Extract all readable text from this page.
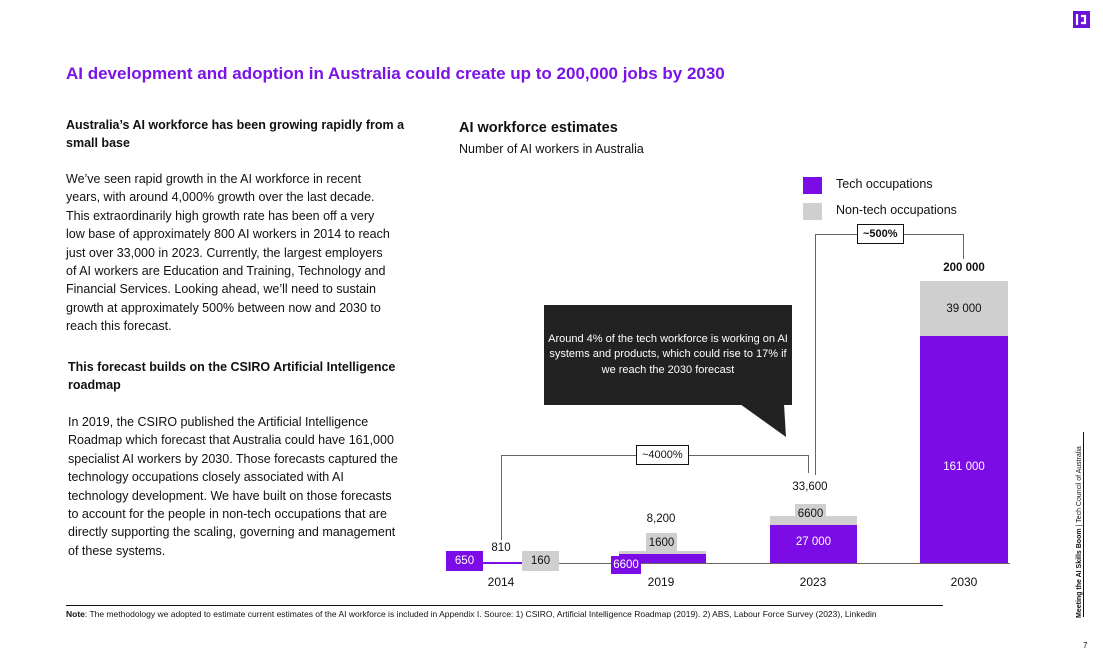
AI development and adoption in Australia could create up to 200,000 jobs by 2030
Australia’s AI workforce has been growing rapidly from a small base
We’ve seen rapid growth in the AI workforce in recent years, with around 4,000% growth over the last decade. This extraordinarily high growth rate has been off a very low base of approximately 800 AI workers in 2014 to reach just over 33,000 in 2023. Currently, the largest employers of AI workers are Education and Training, Technology and Financial Services. Looking ahead, we’ll need to sustain growth at approximately 500% between now and 2030 to reach this forecast.
This forecast builds on the CSIRO Artificial Intelligence roadmap
In 2019, the CSIRO published the Artificial Intelligence Roadmap which forecast that Australia could have 161,000 specialist AI workers by 2030. Those forecasts captured the technology occupations closely associated with AI technology development. We have built on those forecasts to account for the people in non-tech occupations that are directly supporting the scaling, governing and management of these systems.
AI workforce estimates
Number of AI workers in Australia
Tech occupations
Non-tech occupations
~4000%
~500%
Around 4% of the tech workforce is working on AI systems and products, which could rise to 17% if we reach the 2030 forecast
650	160
810
6600
1600
8,200	6600
27 000
33,600
39 000
161 000
200 000
2014	2019	2023	2030
Note: The methodology we adopted to estimate current estimates of the AI workforce is included in Appendix I. Source: 1) CSIRO, Artificial Intelligence Roadmap (2019). 2) ABS, Labour Force Survey (2023), Linkedin	Meeting the AI Skills Boom | Tech Council of Australia
7
